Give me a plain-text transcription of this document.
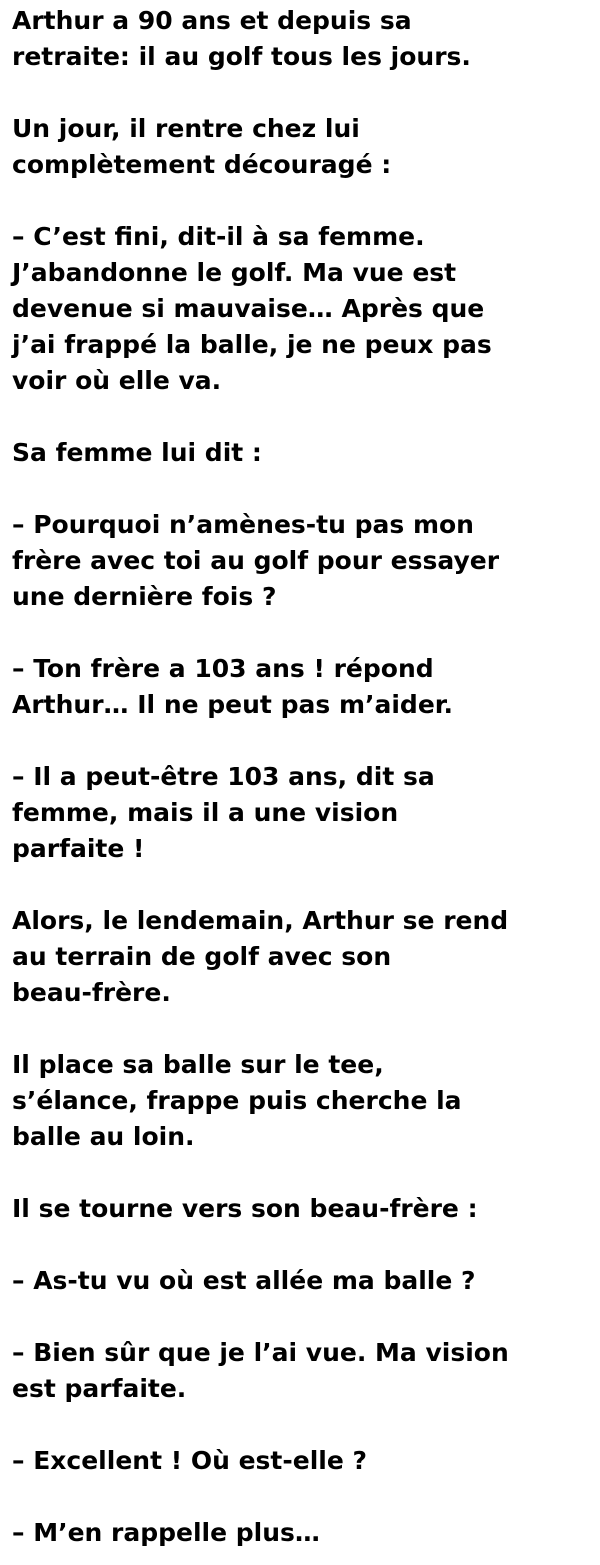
Arthur a 90 ans et depuis sa
retraite: il au golf tous les jours.
Un jour, il rentre chez lui
complètement découragé :
– C’est fini, dit-il à sa femme.
J’abandonne le golf. Ma vue est
devenue si mauvaise… Après que
j’ai frappé la balle, je ne peux pas
voir où elle va.
Sa femme lui dit :
– Pourquoi n’amènes-tu pas mon
frère avec toi au golf pour essayer
une dernière fois ?
– Ton frère a 103 ans ! répond
Arthur… Il ne peut pas m’aider.
– Il a peut-être 103 ans, dit sa
femme, mais il a une vision
parfaite !
Alors, le lendemain, Arthur se rend
au terrain de golf avec son
beau-frère.
Il place sa balle sur le tee,
s’élance, frappe puis cherche la
balle au loin.
Il se tourne vers son beau-frère :
– As-tu vu où est allée ma balle ?
– Bien sûr que je l’ai vue. Ma vision
est parfaite.
– Excellent ! Où est-elle ?
– M’en rappelle plus…
